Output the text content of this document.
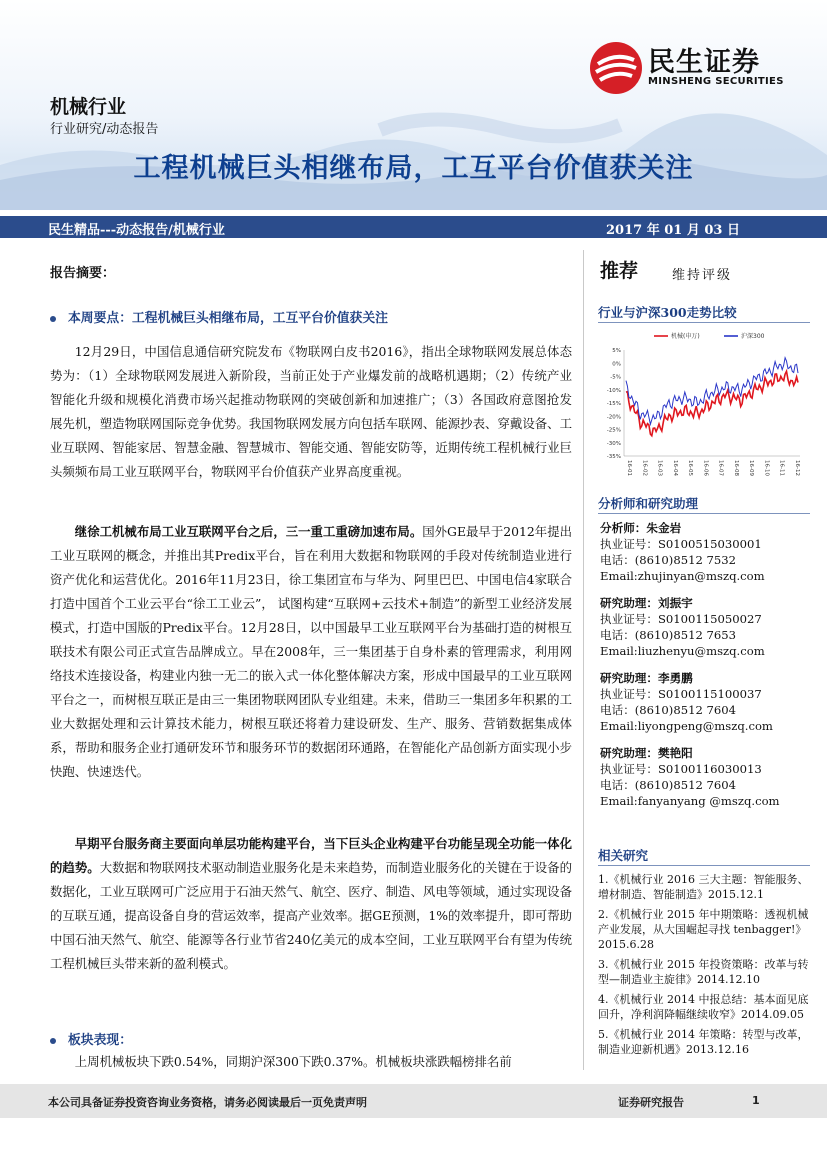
民生证券
MINSHENG SECURITIES
机械行业
行业研究/动态报告
工程机械巨头相继布局，工互平台价值获关注
民生精品---动态报告/机械行业	2017 年 01 月 03 日
报告摘要：
本周要点：工程机械巨头相继布局，工互平台价值获关注

12月29日，中国信息通信研究院发布《物联网白皮书2016》，指出全球物联网发展总体态势为：（1）全球物联网发展进入新阶段，当前正处于产业爆发前的战略机遇期；（2）传统产业智能化升级和规模化消费市场兴起推动物联网的突破创新和加速推广；（3）各国政府意图抢发展先机，塑造物联网国际竞争优势。我国物联网发展方向包括车联网、能源抄表、穿戴设备、工业互联网、智能家居、智慧金融、智慧城市、智能交通、智能安防等，近期传统工程机械行业巨头频频布局工业互联网平台，物联网平台价值获产业界高度重视。

继徐工机械布局工业互联网平台之后，三一重工重磅加速布局。国外GE最早于2012年提出工业互联网的概念，并推出其Predix平台，旨在利用大数据和物联网的手段对传统制造业进行资产优化和运营优化。2016年11月23日，徐工集团宣布与华为、阿里巴巴、中国电信4家联合打造中国首个工业云平台“徐工工业云”， 试图构建“互联网+云技术+制造”的新型工业经济发展模式，打造中国版的Predix平台。12月28日，以中国最早工业互联网平台为基础打造的树根互联技术有限公司正式宣告品牌成立。早在2008年，三一集团基于自身朴素的管理需求，利用网络技术连接设备，构建业内独一无二的嵌入式一体化整体解决方案，形成中国最早的工业互联网平台之一，而树根互联正是由三一集团物联网团队专业组建。未来，借助三一集团多年积累的工业大数据处理和云计算技术能力，树根互联还将着力建设研发、生产、服务、营销数据集成体系，帮助和服务企业打通研发环节和服务环节的数据闭环通路，在智能化产品创新方面实现小步快跑、快速迭代。

早期平台服务商主要面向单层功能构建平台，当下巨头企业构建平台功能呈现全功能一体化的趋势。大数据和物联网技术驱动制造业服务化是未来趋势，而制造业服务化的关键在于设备的数据化，工业互联网可广泛应用于石油天然气、航空、医疗、制造、风电等领域，通过实现设备的互联互通，提高设备自身的营运效率，提高产业效率。据GE预测，1%的效率提升，即可帮助中国石油天然气、航空、能源等各行业节省240亿美元的成本空间，工业互联网平台有望为传统工程机械巨头带来新的盈利模式。

板块表现：

上周机械板块下跌0.54%，同期沪深300下跌0.37%。机械板块涨跌幅榜排名前

推荐	维持评级
行业与沪深300走势比较
5%
0%
-5%
-10%
-15%
-20%
-25%
-30%
-35%
16-01 16-02 16-03 16-04 16-05 16-06 16-07 16-08 16-09 16-10 16-11 16-12
机械(申万)	沪深300
分析师和研究助理
分析师：朱金岩
执业证号：S0100515030001
电话：(8610)8512 7532
Email:zhujinyan@mszq.com
研究助理：刘振宇
执业证号：S0100115050027
电话：(8610)8512 7653
Email:liuzhenyu@mszq.com
研究助理：李勇鹏
执业证号：S0100115100037
电话：(8610)8512 7604
Email:liyongpeng@mszq.com
研究助理：樊艳阳
执业证号：S0100116030013
电话：(8610)8512 7604
Email:fanyanyang @mszq.com
相关研究
1.《机械行业 2016 三大主题：智能服务、增材制造、智能制造》2015.12.1
2.《机械行业 2015 年中期策略：透视机械产业发展，从大国崛起寻找 tenbagger!》2015.6.28
3.《机械行业 2015 年投资策略：改革与转型—制造业主旋律》2014.12.10
4.《机械行业 2014 中报总结：基本面见底回升，净利润降幅继续收窄》2014.09.05
5.《机械行业 2014 年策略：转型与改革，制造业迎新机遇》2013.12.16
本公司具备证券投资咨询业务资格，请务必阅读最后一页免责声明	证券研究报告	1
